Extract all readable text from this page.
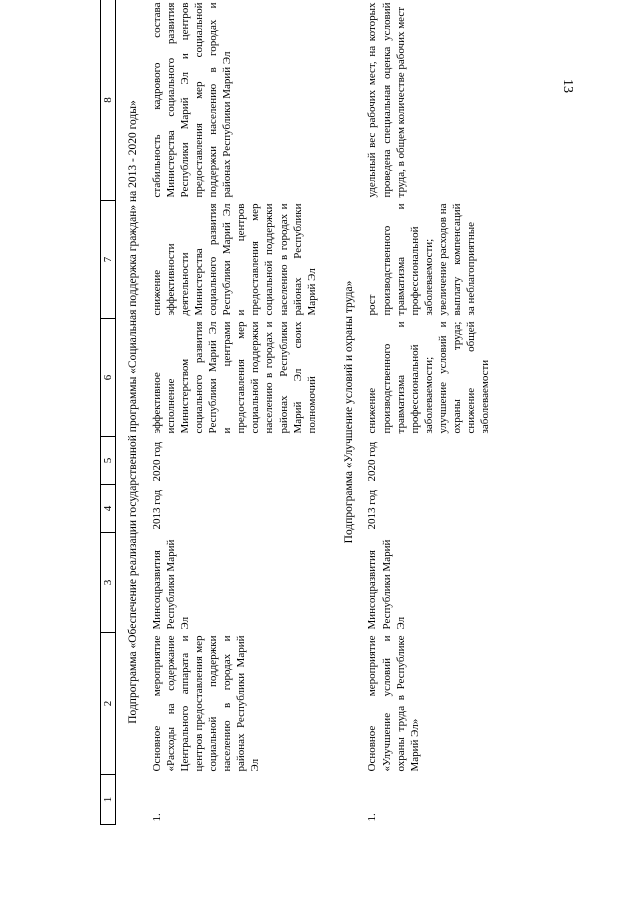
13
1	2	3	4	5	6	7	8
Подпрограмма «Обеспечение реализации государственной программы «Социальная поддержка граждан» на 2013 - 2020 годы»							
1.	Основное мероприятие «Расходы на содержание Центрального аппарата и центров предоставления мер социальной поддержки населению в городах и районах Республики Марий Эл	Минсоцразвития Республики Марий Эл	2013 год	2020 год	эффективное исполнение Министерством социального развития Республики Марий Эл и центрами предоставления мер социальной поддержки населению в городах и районах Республики Марий Эл своих полномочий	снижение эффективности деятельности Министерства социального развития Республики Марий Эл и центров предоставления мер социальной поддержки населению в городах и районах Республики Марий Эл	стабильность кадрового состава Министерства социального развития Республики Марий Эл и центров предоставления мер социальной поддержки населению в городах и районах Республики Марий Эл
Подпрограмма «Улучшение условий и охраны труда»							
1.	Основное мероприятие «Улучшение условий и охраны труда в Республике Марий Эл»	Минсоцразвития Республики Марий Эл	2013 год	2020 год	снижение производственного травматизма и профессиональной заболеваемости; улучшение условий и охраны труда; снижение общей заболеваемости	рост производственного травматизма и профессиональной заболеваемости; увеличение расходов на выплату компенсаций за неблагоприятные	удельный вес рабочих мест, на которых проведена специальная оценка условий труда, в общем количестве рабочих мест
